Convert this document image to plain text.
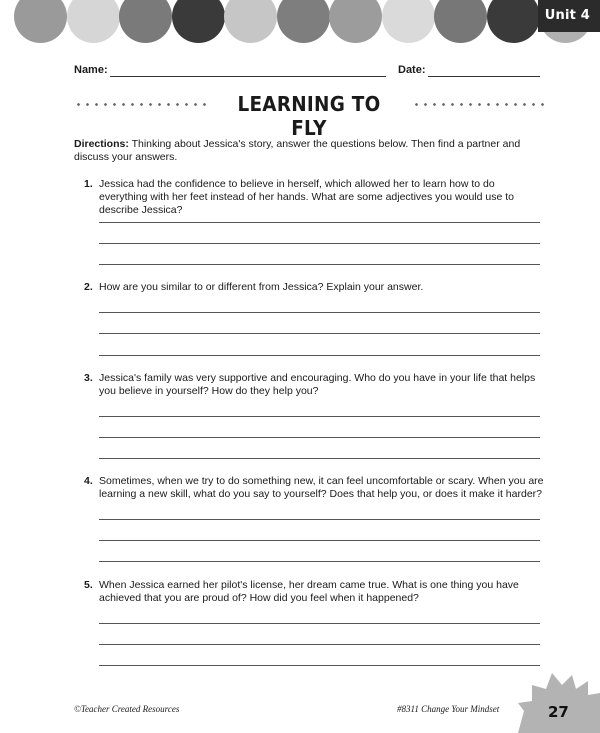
Unit 4
Name:	Date:
LEARNING TO FLY
Directions: Thinking about Jessica's story, answer the questions below. Then find a partner and discuss your answers.
1. Jessica had the confidence to believe in herself, which allowed her to learn how to do everything with her feet instead of her hands. What are some adjectives you would use to describe Jessica?
2. How are you similar to or different from Jessica? Explain your answer.
3. Jessica's family was very supportive and encouraging. Who do you have in your life that helps you believe in yourself? How do they help you?
4. Sometimes, when we try to do something new, it can feel uncomfortable or scary. When you are learning a new skill, what do you say to yourself? Does that help you, or does it make it harder?
5. When Jessica earned her pilot's license, her dream came true. What is one thing you have achieved that you are proud of? How did you feel when it happened?
©Teacher Created Resources	#8311 Change Your Mindset	27
